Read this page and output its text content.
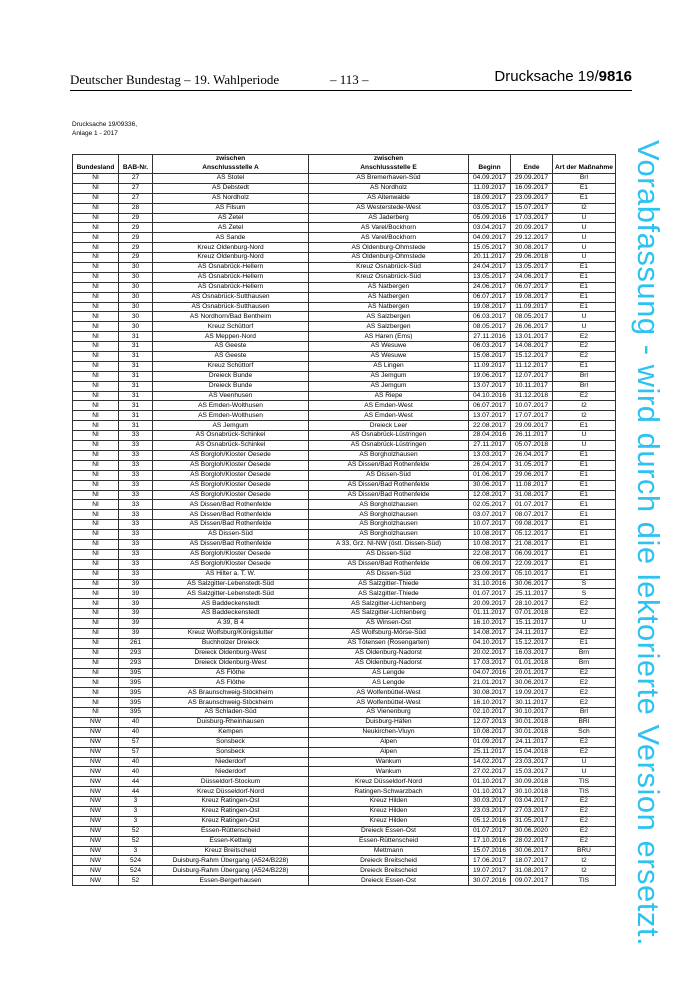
Deutscher Bundestag – 19. Wahlperiode	– 113 –	Drucksache 19/9816
Drucksache 19/09336,
Anlage 1 - 2017
		zwischen	zwischen			
Bundesland	BAB-Nr.	Anschlussstelle A	Anschlussstelle E	Beginn	Ende	Art der Maßnahme
NI	27	AS Stotel	AS Bremerhaven-Süd	04.09.2017	29.09.2017	Brl
NI	27	AS Debstedt	AS Nordholz	11.09.2017	16.09.2017	E1
NI	27	AS Nordholz	AS Altenwalde	18.09.2017	23.09.2017	E1
NI	28	AS Filsum	AS Westerstede-West	03.05.2017	15.07.2017	I2
NI	29	AS Zetel	AS Jaderberg	05.09.2016	17.03.2017	U
NI	29	AS Zetel	AS Varel/Bockhorn	03.04.2017	20.09.2017	U
NI	29	AS Sande	AS Varel/Bockhorn	04.09.2017	29.12.2017	U
NI	29	Kreuz Oldenburg-Nord	AS Oldenburg-Ohmstede	15.05.2017	30.08.2017	U
NI	29	Kreuz Oldenburg-Nord	AS Oldenburg-Ohmstede	20.11.2017	29.06.2018	U
NI	30	AS Osnabrück-Hellern	Kreuz Osnabrück-Süd	24.04.2017	13.05.2017	E1
NI	30	AS Osnabrück-Hellern	Kreuz Osnabrück-Süd	13.05.2017	24.06.2017	E1
NI	30	AS Osnabrück-Hellern	AS Natbergen	24.06.2017	06.07.2017	E1
NI	30	AS Osnabrück-Sutthausen	AS Natbergen	06.07.2017	19.08.2017	E1
NI	30	AS Osnabrück-Sutthausen	AS Natbergen	19.08.2017	11.09.2017	E1
NI	30	AS Nordhorn/Bad Bentheim	AS Salzbergen	06.03.2017	08.05.2017	U
NI	30	Kreuz Schüttorf	AS Salzbergen	08.05.2017	26.06.2017	U
NI	31	AS Meppen-Nord	AS Haren (Ems)	27.11.2016	13.01.2017	E2
NI	31	AS Geeste	AS Wesuwe	06.03.2017	14.08.2017	E2
NI	31	AS Geeste	AS Wesuwe	15.08.2017	15.12.2017	E2
NI	31	Kreuz Schüttorf	AS Lingen	11.09.2017	11.12.2017	E1
NI	31	Dreieck Bunde	AS Jemgum	19.06.2017	12.07.2017	Brl
NI	31	Dreieck Bunde	AS Jemgum	13.07.2017	10.11.2017	Brl
NI	31	AS Veenhusen	AS Riepe	04.10.2016	31.12.2018	E2
NI	31	AS Emden-Wolthusen	AS Emden-West	06.07.2017	10.07.2017	I2
NI	31	AS Emden-Wolthusen	AS Emden-West	13.07.2017	17.07.2017	I2
NI	31	AS Jemgum	Dreieck Leer	22.08.2017	29.09.2017	E1
NI	33	AS Osnabrück-Schinkel	AS Osnabrück-Lüstringen	28.04.2016	26.11.2017	U
NI	33	AS Osnabrück-Schinkel	AS Osnabrück-Lüstringen	27.11.2017	05.07.2018	U
NI	33	AS Borgloh/Kloster Oesede	AS Borgholzhausen	13.03.2017	26.04.2017	E1
NI	33	AS Borgloh/Kloster Oesede	AS Dissen/Bad Rothenfelde	26.04.2017	31.05.2017	E1
NI	33	AS Borgloh/Kloster Oesede	AS Dissen-Süd	01.06.2017	29.06.2017	E1
NI	33	AS Borgloh/Kloster Oesede	AS Dissen/Bad Rothenfelde	30.06.2017	11.08.2017	E1
NI	33	AS Borgloh/Kloster Oesede	AS Dissen/Bad Rothenfelde	12.08.2017	31.08.2017	E1
NI	33	AS Dissen/Bad Rothenfelde	AS Borgholzhausen	02.05.2017	01.07.2017	E1
NI	33	AS Dissen/Bad Rothenfelde	AS Borgholzhausen	03.07.2017	08.07.2017	E1
NI	33	AS Dissen/Bad Rothenfelde	AS Borgholzhausen	10.07.2017	09.08.2017	E1
NI	33	AS Dissen-Süd	AS Borgholzhausen	10.08.2017	05.12.2017	E1
NI	33	AS Dissen/Bad Rothenfelde	A 33, Grz. NI-NW (östl. Dissen-Süd)	10.08.2017	21.08.2017	E1
NI	33	AS Borgloh/Kloster Oesede	AS Dissen-Süd	22.08.2017	06.09.2017	E1
NI	33	AS Borgloh/Kloster Oesede	AS Dissen/Bad Rothenfelde	06.09.2017	22.09.2017	E1
NI	33	AS Hilter a. T. W.	AS Dissen-Süd	23.09.2017	05.10.2017	E1
NI	39	AS Salzgitter-Lebenstedt-Süd	AS Salzgitter-Thiede	31.10.2016	30.06.2017	S
NI	39	AS Salzgitter-Lebenstedt-Süd	AS Salzgitter-Thiede	01.07.2017	25.11.2017	S
NI	39	AS Baddeckenstedt	AS Salzgitter-Lichtenberg	20.09.2017	28.10.2017	E2
NI	39	AS Baddeckenstedt	AS Salzgitter-Lichtenberg	01.11.2017	07.01.2018	E2
NI	39	A 39, B 4	AS Winsen-Ost	16.10.2017	15.11.2017	U
NI	39	Kreuz Wolfsburg/Königslutter	AS Wolfsburg-Mörse-Süd	14.08.2017	24.11.2017	E2
NI	261	Buchholzer Dreieck	AS Tötensen (Rosengarten)	04.10.2017	15.12.2017	E1
NI	293	Dreieck Oldenburg-West	AS Oldenburg-Nadorst	20.02.2017	16.03.2017	Brn
NI	293	Dreieck Oldenburg-West	AS Oldenburg-Nadorst	17.03.2017	01.01.2018	Brn
NI	395	AS Flöthe	AS Lengde	04.07.2016	20.01.2017	E2
NI	395	AS Flöthe	AS Lengde	21.01.2017	30.06.2017	E2
NI	395	AS Braunschweig-Stöckheim	AS Wolfenbüttel-West	30.08.2017	19.09.2017	E2
NI	395	AS Braunschweig-Stöckheim	AS Wolfenbüttel-West	16.10.2017	30.11.2017	E2
NI	395	AS Schladen-Süd	AS Vienenburg	02.10.2017	30.10.2017	Brl
NW	40	Duisburg-Rheinhausen	Duisburg-Häfen	12.07.2013	30.01.2018	BRI
NW	40	Kempen	Neukirchen-Vluyn	10.08.2017	30.01.2018	Sch
NW	57	Sonsbeck	Alpen	01.09.2017	24.11.2017	E2
NW	57	Sonsbeck	Alpen	25.11.2017	15.04.2018	E2
NW	40	Niederdorf	Wankum	14.02.2017	23.03.2017	U
NW	40	Niederdorf	Wankum	27.02.2017	15.03.2017	U
NW	44	Düsseldorf-Stockum	Kreuz Düsseldorf-Nord	01.10.2017	30.09.2018	TIS
NW	44	Kreuz Düsseldorf-Nord	Ratingen-Schwarzbach	01.10.2017	30.10.2018	TIS
NW	3	Kreuz Ratingen-Ost	Kreuz Hilden	30.03.2017	03.04.2017	E2
NW	3	Kreuz Ratingen-Ost	Kreuz Hilden	23.03.2017	27.03.2017	E2
NW	3	Kreuz Ratingen-Ost	Kreuz Hilden	05.12.2016	31.05.2017	E2
NW	52	Essen-Rüttenscheid	Dreieck Essen-Ost	01.07.2017	30.06.2020	E2
NW	52	Essen-Kettwig	Essen-Rüttenscheid	17.10.2016	28.02.2017	E2
NW	3	Kreuz Breitscheid	Mettmann	15.07.2016	30.06.2017	BRU
NW	524	Duisburg-Rahm Übergang (A524/B228)	Dreieck Breitscheid	17.06.2017	18.07.2017	I2
NW	524	Duisburg-Rahm Übergang (A524/B228)	Dreieck Breitscheid	19.07.2017	31.08.2017	I2
NW	52	Essen-Bergerhausen	Dreieck Essen-Ost	30.07.2016	09.07.2017	TIS Vorabfassung - wird durch die lektorierte Version ersetzt.
